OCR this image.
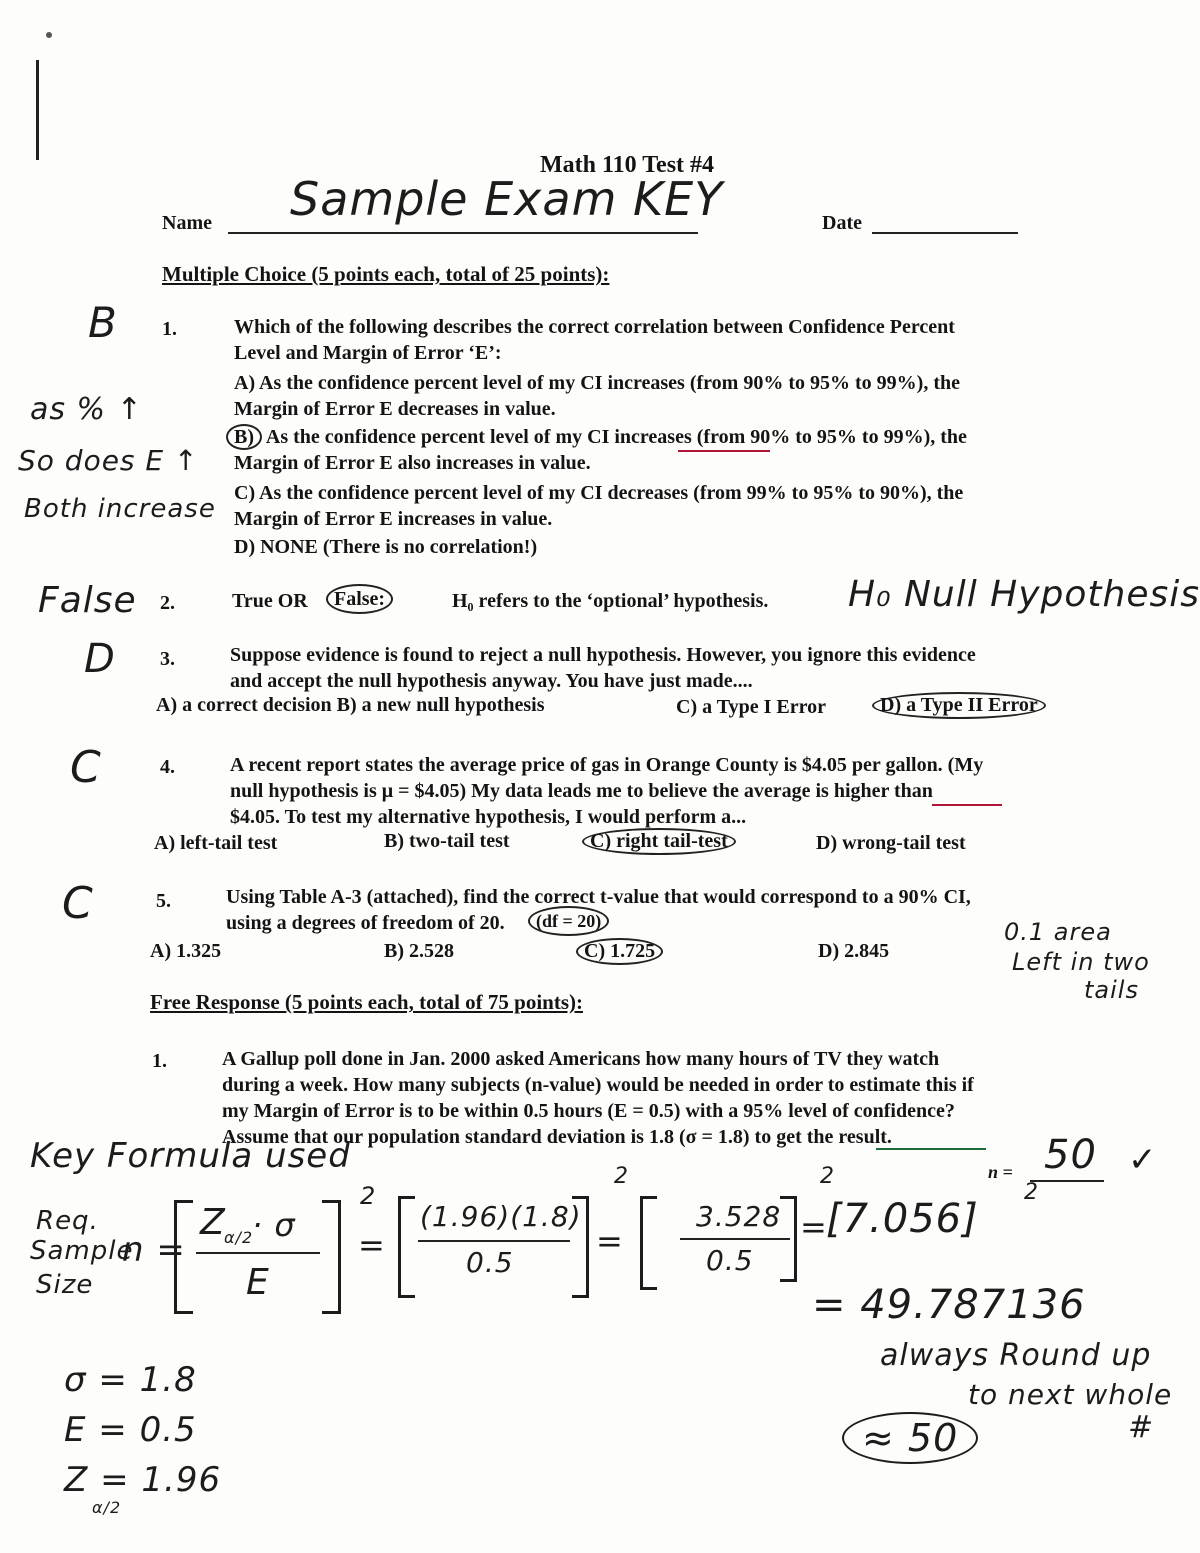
Math 110 Test #4
Name Sample Exam KEY	Date
Multiple Choice (5 points each, total of 25 points):
B 1.	Which of the following describes the correct correlation between Confidence Percent
Level and Margin of Error ‘E’:
A) As the confidence percent level of my CI increases (from 90% to 95% to 99%), the
Margin of Error E decreases in value.
B) As the confidence percent level of my CI increases (from 90% to 95% to 99%), the
Margin of Error E also increases in value.
C) As the confidence percent level of my CI decreases (from 99% to 95% to 90%), the
Margin of Error E increases in value.
D) NONE (There is no correlation!)
as % ↑
So does E ↑
Both increase
False 2.	True OR	False:	H₀ refers to the ‘optional’ hypothesis. H₀ Null Hypothesis
D 3.	Suppose evidence is found to reject a null hypothesis. However, you ignore this evidence
and accept the null hypothesis anyway. You have just made....
A) a correct decision B) a new null hypothesis	C) a Type I Error	D) a Type II Error
C	4.	A recent report states the average price of gas in Orange County is $4.05 per gallon. (My
null hypothesis is μ = $4.05) My data leads me to believe the average is higher than
$4.05. To test my alternative hypothesis, I would perform a...
A) left-tail test	B) two-tail test	C) right tail-test	D) wrong-tail test
C	5.	Using Table A-3 (attached), find the correct t-value that would correspond to a 90% CI,
using a degrees of freedom of 20.	(df = 20)
A) 1.325	B) 2.528	C) 1.725	D) 2.845
0.1 area
Left in two
tails
Free Response (5 points each, total of 75 points):
1.	A Gallup poll done in Jan. 2000 asked Americans how many hours of TV they watch
during a week. How many subjects (n-value) would be needed in order to estimate this if
my Margin of Error is to be within 0.5 hours (E = 0.5) with a 95% level of confidence?
Assume that our population standard deviation is 1.8 (σ = 1.8) to get the result.
n = 50 ✓
Key Formula used
Req.
Sample
Size
n =
Z
α/2
· σ
E
2
=
(1.96)(1.8)
0.5
2
=
3.528
0.5
2
=
[7.056]
2
= 49.787136
always Round up
to next whole
#
≈ 50
σ = 1.8
E = 0.5
Z = 1.96
α/2
